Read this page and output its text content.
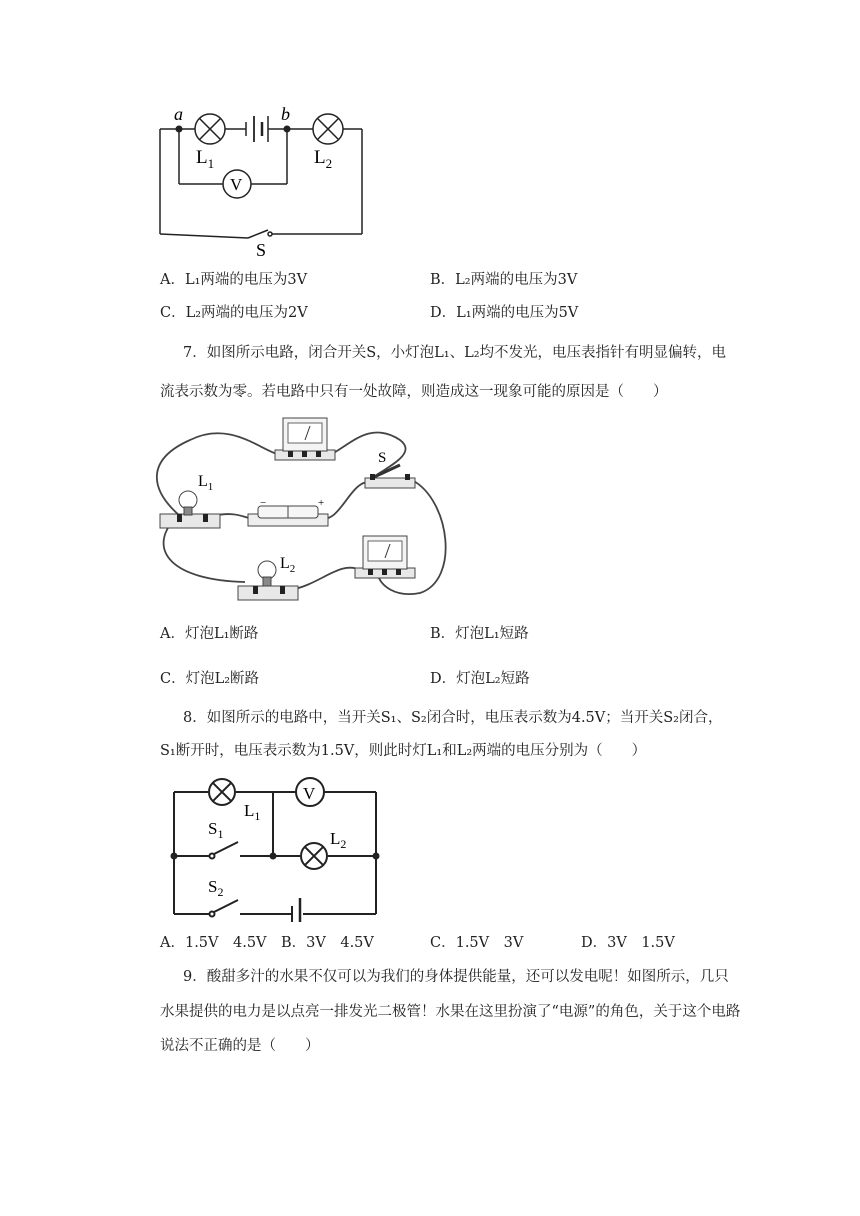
a	b
$L_1$	$L_2$
V
S
A．L₁两端的电压为3V	B．L₂两端的电压为3V
C．L₂两端的电压为2V	D．L₁两端的电压为5V
7．如图所示电路，闭合开关S，小灯泡L₁、L₂均不发光，电压表指针有明显偏转，电
流表示数为零。若电路中只有一处故障，则造成这一现象可能的原因是（　　）
S
$L_1$
−	+
$L_2$
A．灯泡L₁断路	B．灯泡L₁短路
C．灯泡L₂断路	D．灯泡L₂短路
8．如图所示的电路中，当开关S₁、S₂闭合时，电压表示数为4.5V；当开关S₂闭合，
S₁断开时，电压表示数为1.5V，则此时灯L₁和L₂两端的电压分别为（　　）
$L_1$
V
$L_2$
$S_1$
$S_2$
A．1.5V　4.5V B．3V　4.5V	C．1.5V　3V	D．3V　1.5V
9．酸甜多汁的水果不仅可以为我们的身体提供能量，还可以发电呢！如图所示，几只
水果提供的电力是以点亮一排发光二极管！水果在这里扮演了“电源”的角色，关于这个电路
说法不正确的是（　　）
